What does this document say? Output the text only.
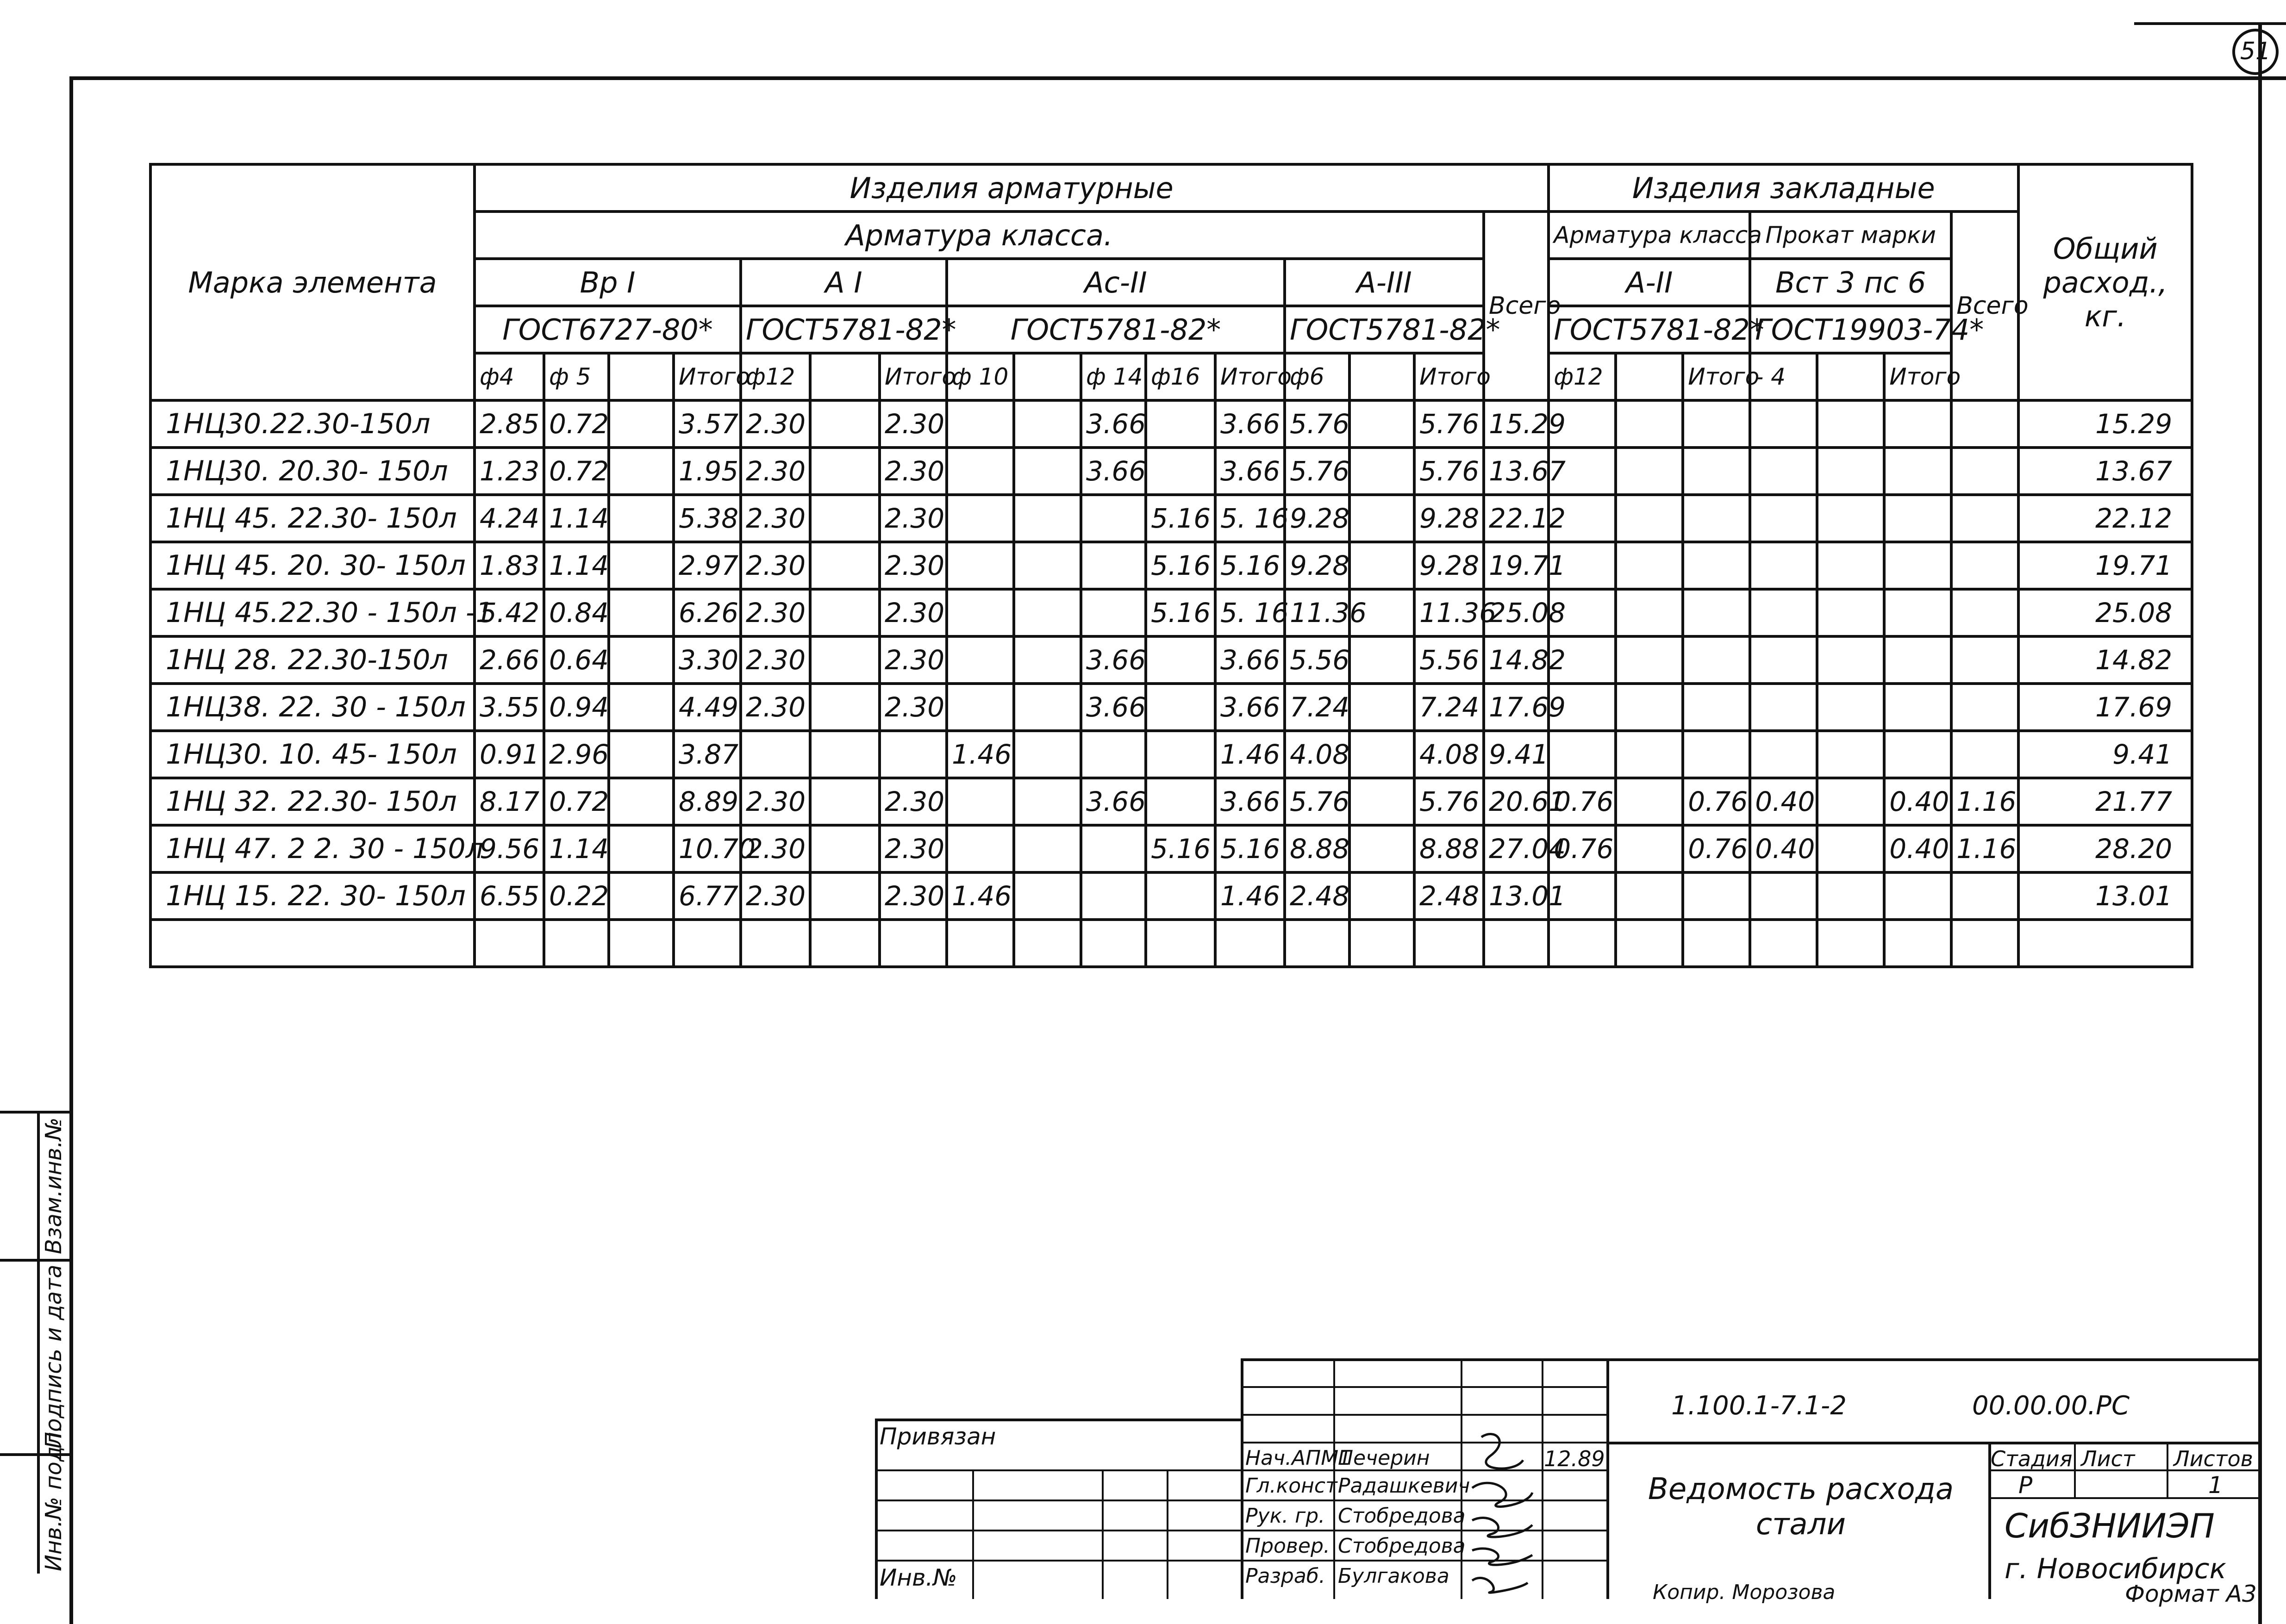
51
Взам.инв.№
Подпись и дата
Инв.№ подл.
Марка элемента	Изделия арматурные																Изделия закладные							Общий расход., кг.	
	Арматура класса.															Всего	Арматура класса			Прокат марки			Всего		
	Вр I				А I			Ас-II					А-III				А-II			Вст 3 пс 6					
	ГОСТ6727-80*				ГОСТ5781-82*			ГОСТ5781-82*					ГОСТ5781-82*				ГОСТ5781-82*			ГОСТ19903-74*					
	ф4	ф 5		Итого	ф12		Итого	ф 10		ф 14	ф16	Итого	ф6		Итого		ф12		Итого	- 4		Итого			
1НЦ30.22.30-150л	2.85	0.72		3.57	2.30		2.30			3.66		3.66	5.76		5.76	15.29								15.29	
1НЦ30. 20.30- 150л	1.23	0.72		1.95	2.30		2.30			3.66		3.66	5.76		5.76	13.67								13.67	
1НЦ 45. 22.30- 150л	4.24	1.14		5.38	2.30		2.30				5.16	5. 16	9.28		9.28	22.12								22.12	
1НЦ 45. 20. 30- 150л	1.83	1.14		2.97	2.30		2.30				5.16	5.16	9.28		9.28	19.71								19.71	
1НЦ 45.22.30 - 150л -1	5.42	0.84		6.26	2.30		2.30				5.16	5. 16	11.36		11.36	25.08								25.08	
1НЦ 28. 22.30-150л	2.66	0.64		3.30	2.30		2.30			3.66		3.66	5.56		5.56	14.82								14.82	
1НЦ38. 22. 30 - 150л	3.55	0.94		4.49	2.30		2.30			3.66		3.66	7.24		7.24	17.69								17.69	
1НЦ30. 10. 45- 150л	0.91	2.96		3.87				1.46				1.46	4.08		4.08	9.41								9.41	
1НЦ 32. 22.30- 150л	8.17	0.72		8.89	2.30		2.30			3.66		3.66	5.76		5.76	20.61	0.76		0.76	0.40		0.40	1.16	21.77	
1НЦ 47. 2 2. 30 - 150л	9.56	1.14		10.70	2.30		2.30				5.16	5.16	8.88		8.88	27.04	0.76		0.76	0.40		0.40	1.16	28.20	
1НЦ 15. 22. 30- 150л	6.55	0.22		6.77	2.30		2.30	1.46				1.46	2.48		2.48	13.01								13.01	

Привязан
Инв.№
Нач.АПМ1
Печерин
Гл.конст.
Радашкевич
Рук. гр. Стобредова
Провер. Стобредова
Разраб. Булгакова
12.89
1.100.1-7.1-2	00.00.00.РС
Ведомость расхода стали
Стадия Лист Листов
Р	1
СибЗНИИЭП
г. Новосибирск
Копир. Морозова	Формат А3
